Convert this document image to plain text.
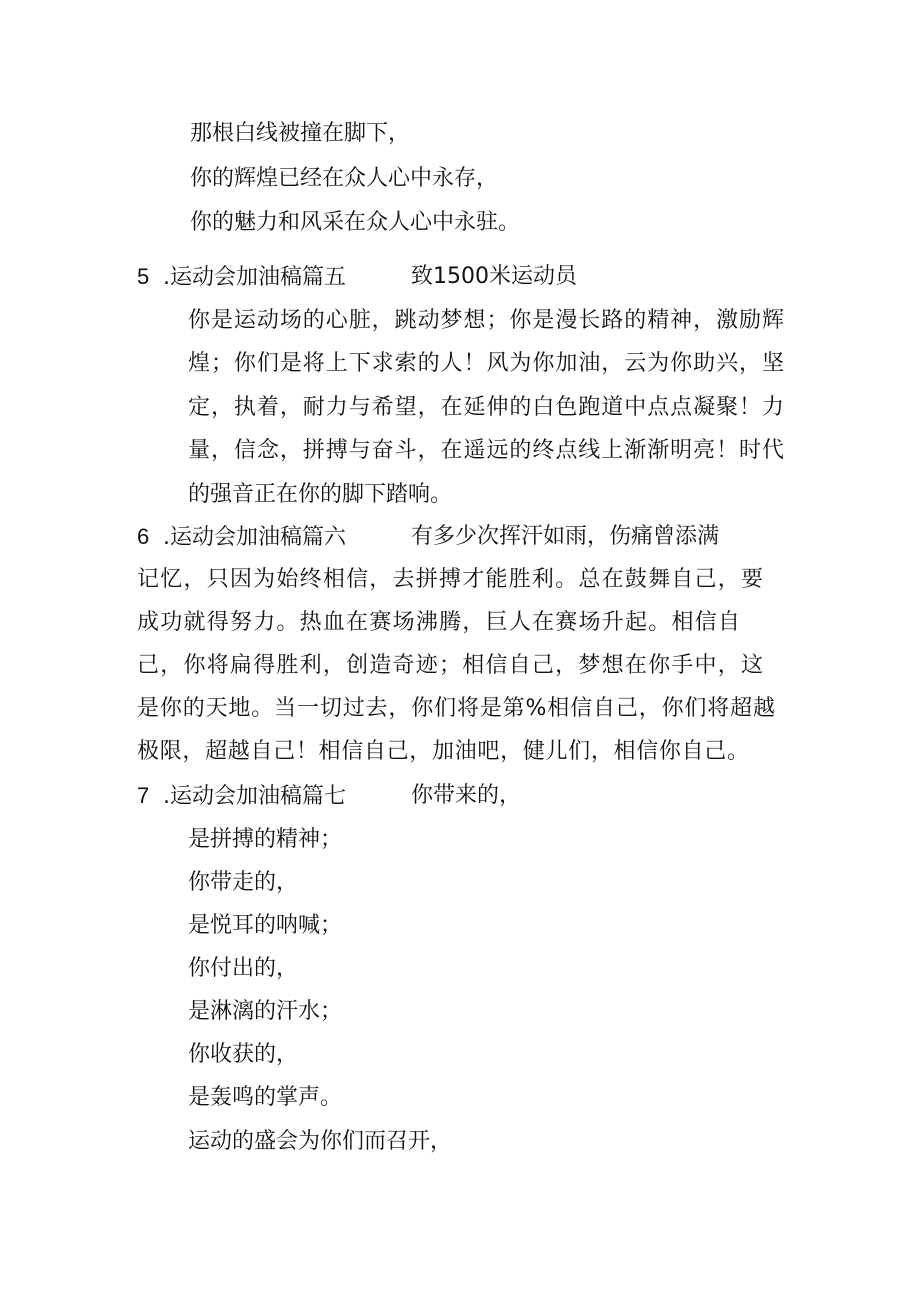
那根白线被撞在脚下，
你的辉煌已经在众人心中永存，
你的魅力和风采在众人心中永驻。
5 .运动会加油稿篇五	致1500米运动员
你是运动场的心脏，跳动梦想；你是漫长路的精神，激励辉
煌；你们是将上下求索的人！风为你加油，云为你助兴，坚
定，执着，耐力与希望，在延伸的白色跑道中点点凝聚！力
量，信念，拼搏与奋斗，在遥远的终点线上渐渐明亮！时代
的强音正在你的脚下踏响。
6 .运动会加油稿篇六	有多少次挥汗如雨，伤痛曾添满
记忆，只因为始终相信，去拼搏才能胜利。总在鼓舞自己，要
成功就得努力。热血在赛场沸腾，巨人在赛场升起。相信自
己，你将扁得胜利，创造奇迹；相信自己，梦想在你手中，这
是你的天地。当一切过去，你们将是第%相信自己，你们将超越
极限，超越自己！相信自己，加油吧，健儿们，相信你自己。
7 .运动会加油稿篇七	你带来的，
是拼搏的精神；
你带走的，
是悦耳的呐喊；
你付出的，
是淋漓的汗水；
你收获的，
是轰鸣的掌声。
运动的盛会为你们而召开，
